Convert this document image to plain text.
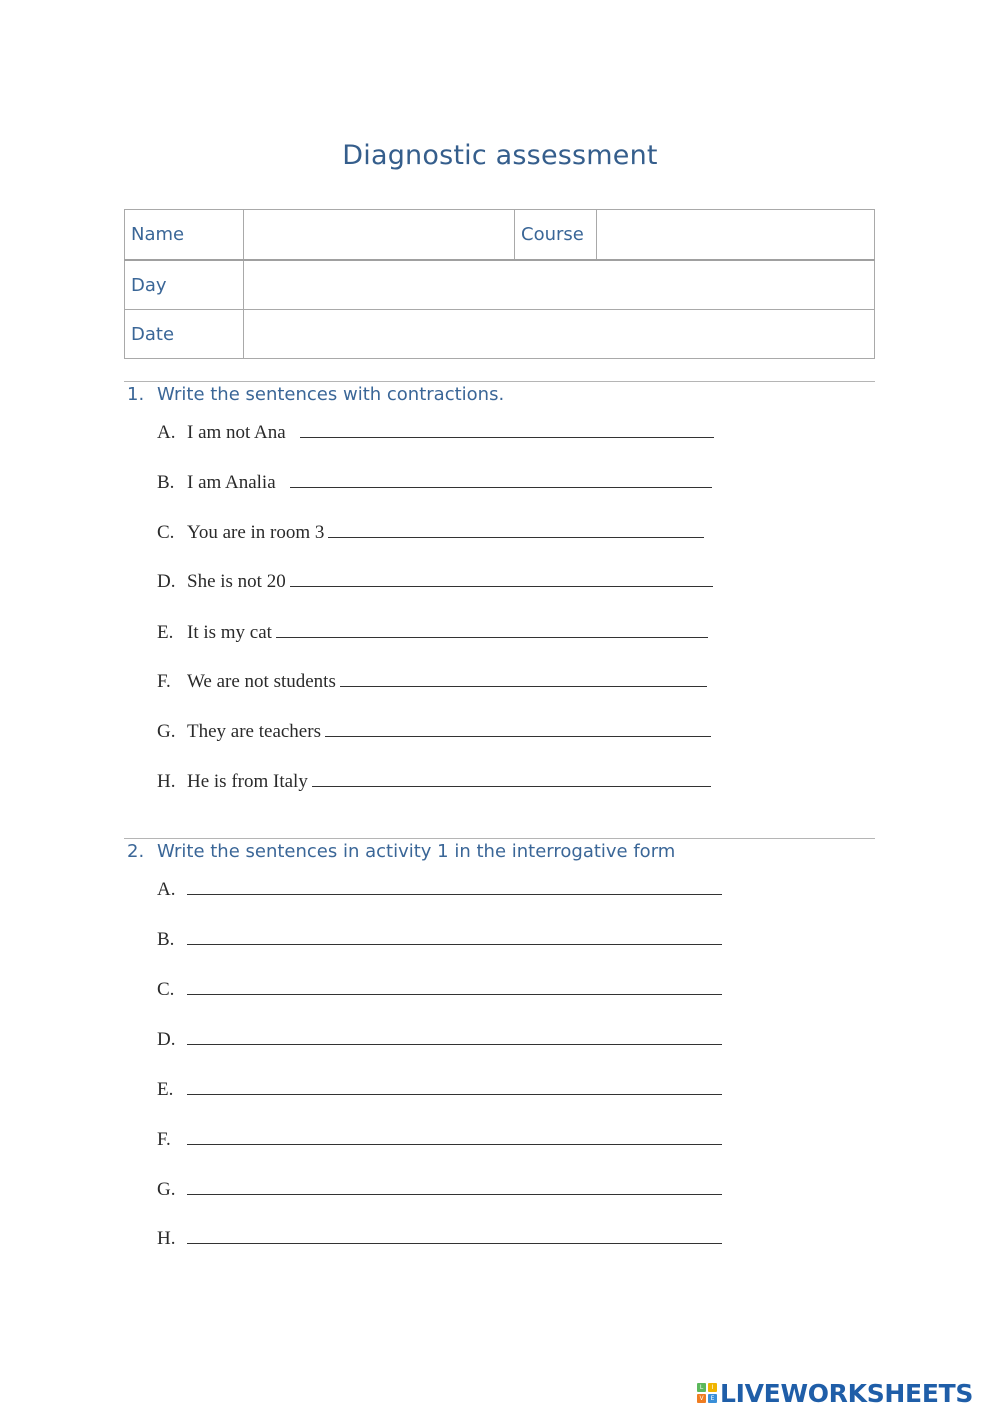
Diagnostic assessment
Name		Course	
Day			
Date			
1. Write the sentences with contractions.
A. I am not Ana
B. I am Analia
C. You are in room 3
D. She is not 20
E. It is my cat
F. We are not students
G. They are teachers
H. He is from Italy
2. Write the sentences in activity 1 in the interrogative form
A.
B.
C.
D.
E.
F.
G.
H.
L	I
V	E LIVEWORKSHEETS
